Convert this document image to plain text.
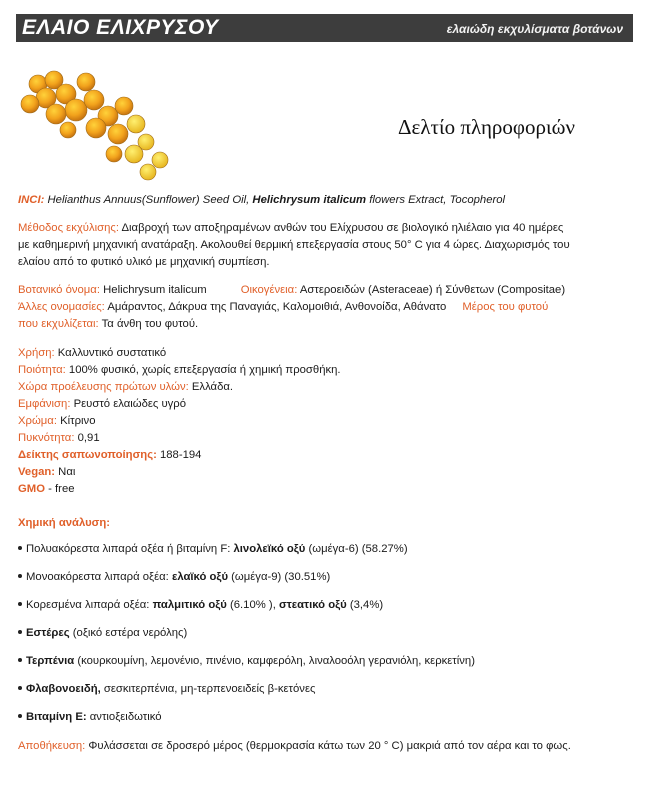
ΕΛΑΙΟ ΕΛΙΧΡΥΣΟΥ	ελαιώδη εκχυλίσματα βοτάνων
Δελτίο πληροφοριών
INCI: Helianthus Annuus(Sunflower) Seed Oil, Helichrysum italicum flowers Extract, Tocopherol
Μέθοδος εκχύλισης: Διαβροχή των αποξηραμένων ανθών του Ελίχρυσου σε βιολογικό ηλιέλαιο για 40 ημέρες
με καθημερινή μηχανική ανατάραξη. Ακολουθεί θερμική επεξεργασία στους 50° C για 4 ώρες. Διαχωρισμός του
ελαίου από το φυτικό υλικό με μηχανική συμπίεση.
Βοτανικό όνομα: Helichrysum italicum	Οικογένεια: Αστεροειδών (Asteraceae) ή Σύνθετων (Compositae)
Άλλες ονομασίες: Αμάραντος, Δάκρυα της Παναγιάς, Καλομοιθιά, Ανθονοίδα, Αθάνατο Μέρος του φυτού
που εκχυλίζεται: Τα άνθη του φυτού.
Χρήση: Καλλυντικό συστατικό
Ποιότητα: 100% φυσικό, χωρίς επεξεργασία ή χημική προσθήκη.
Χώρα προέλευσης πρώτων υλών: Ελλάδα.
Εμφάνιση: Ρευστό ελαιώδες υγρό
Χρώμα: Κίτρινο
Πυκνότητα: 0,91
Δείκτης σαπωνοποίησης: 188-194
Vegan: Ναι
GMO - free
Χημική ανάλυση:
Πολυακόρεστα λιπαρά οξέα ή βιταμίνη F: λινολεϊκό οξύ (ωμέγα-6) (58.27%)
Μονοακόρεστα λιπαρά οξέα: ελαϊκό οξύ (ωμέγα-9) (30.51%)
Κορεσμένα λιπαρά οξέα: παλμιτικό οξύ (6.10% ), στεατικό οξύ (3,4%)
Εστέρες (οξικό εστέρα νερόλης)
Τερπένια (κουρκουμίνη, λεμονένιο, πινένιο, καμφερόλη, λιναλοοόλη γερανιόλη, κερκετίνη)
Φλαβονοειδή, σεσκιτερπένια, μη-τερπενοειδείς β-κετόνες
Βιταμίνη Ε: αντιοξειδωτικό
Αποθήκευση: Φυλάσσεται σε δροσερό μέρος (θερμοκρασία κάτω των 20 ° C) μακριά από τον αέρα και το φως.
